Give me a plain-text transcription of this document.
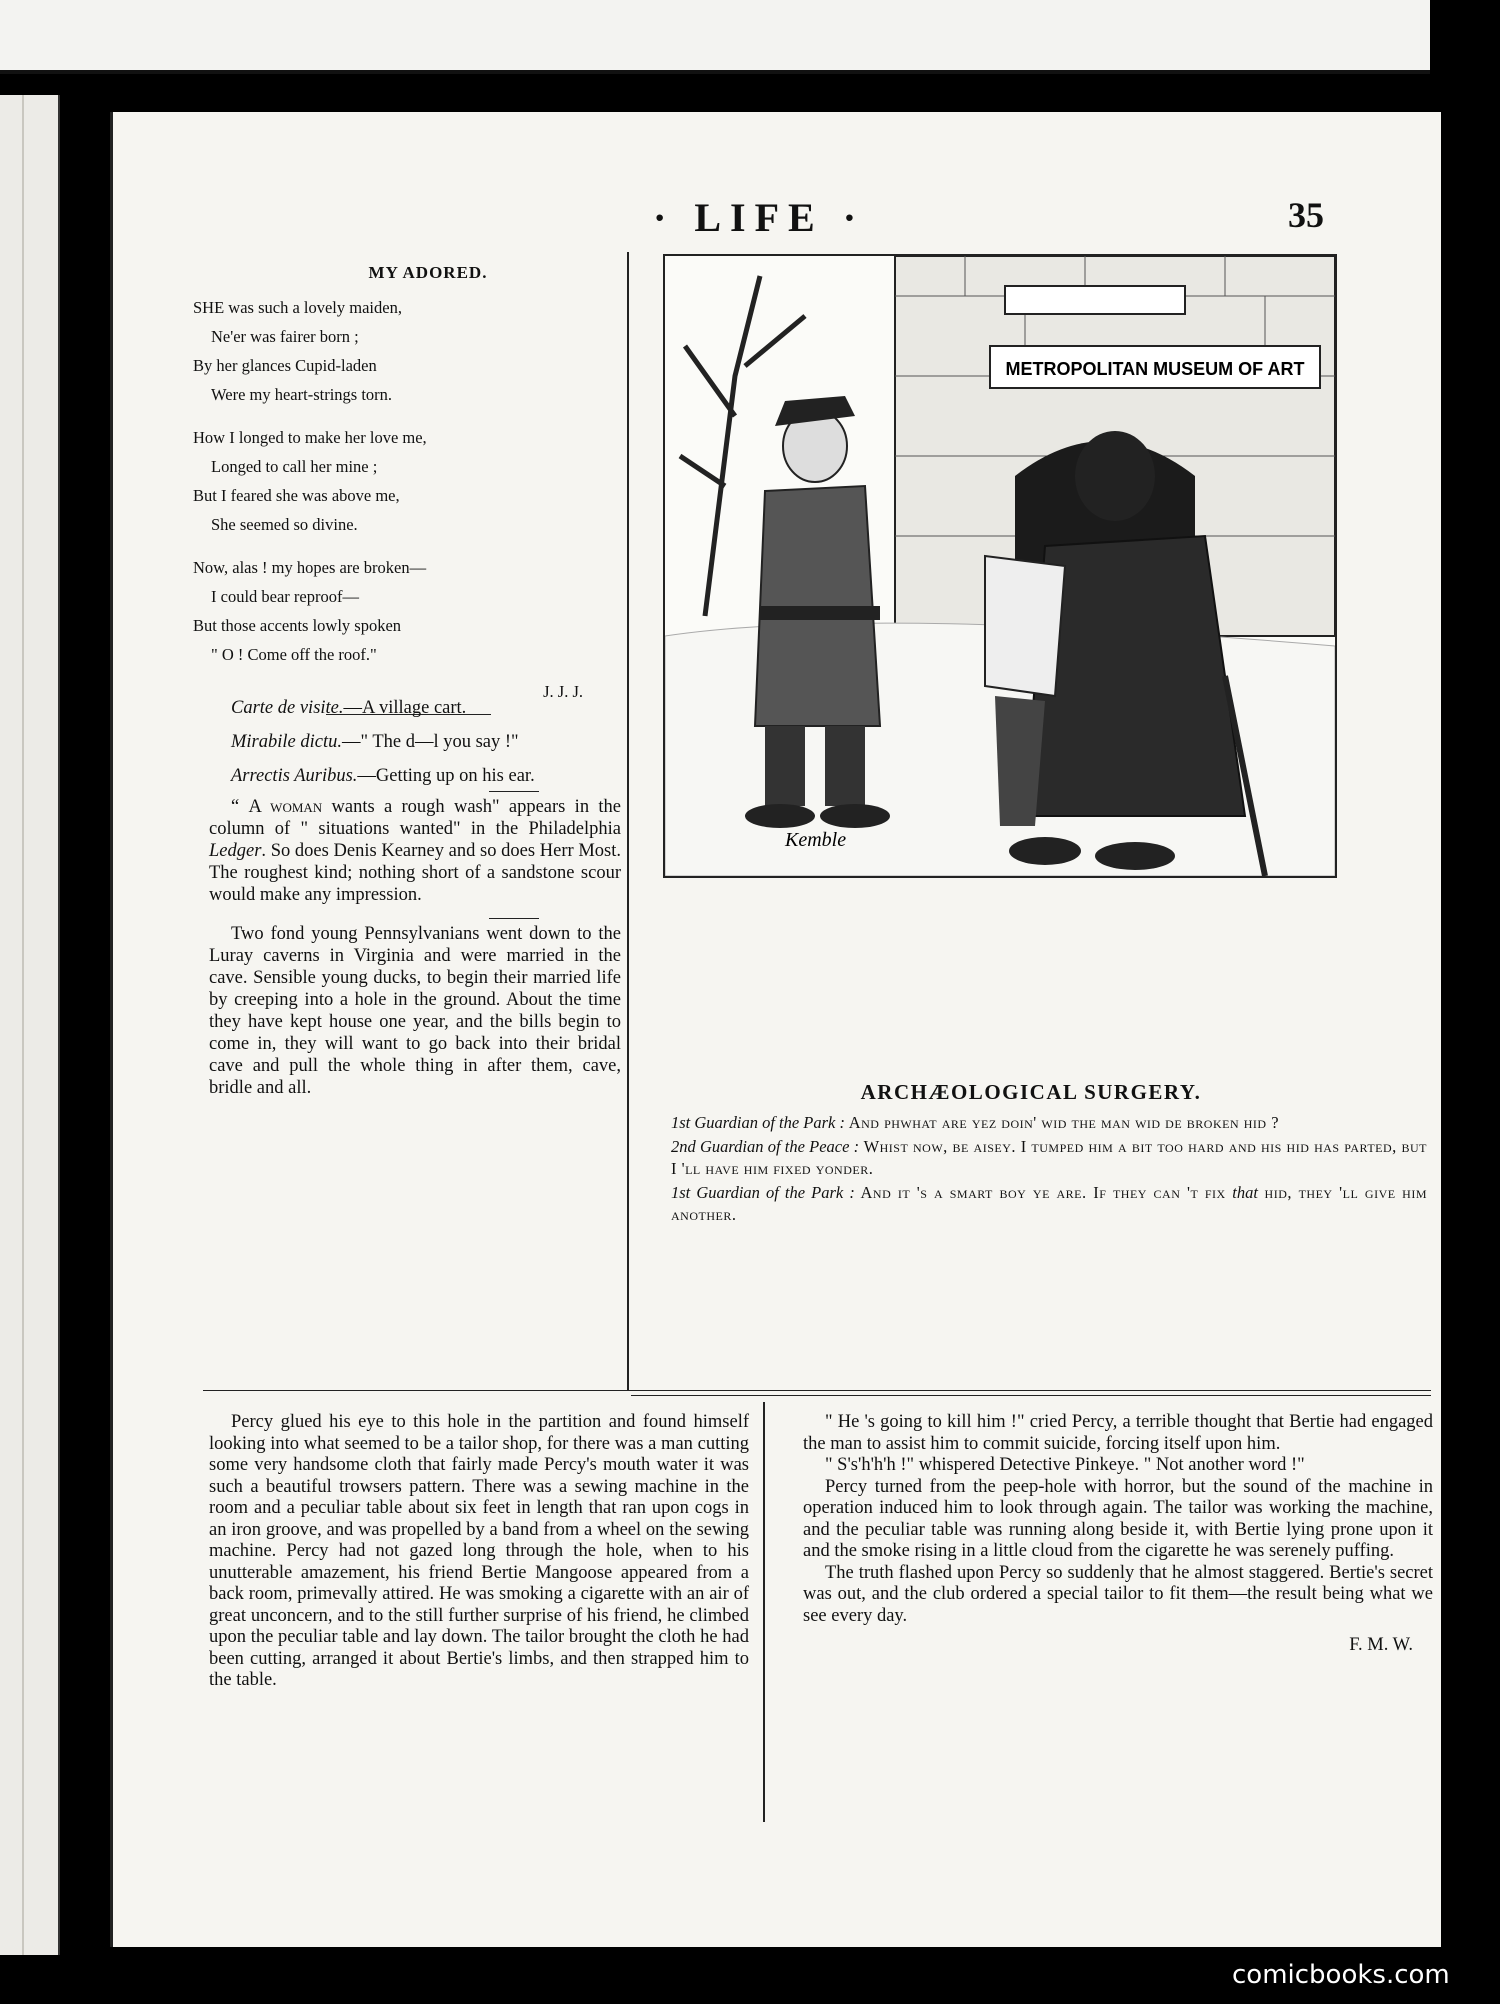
· LIFE ·	35
MY ADORED.
SHE was such a lovely maiden,
Ne'er was fairer born ;
By her glances Cupid-laden
Were my heart-strings torn.
How I longed to make her love me,
Longed to call her mine ;
But I feared she was above me,
She seemed so divine.
Now, alas ! my hopes are broken—
I could bear reproof—
But those accents lowly spoken
" O ! Come off the roof."
J. J. J.

Carte de visite.—A village cart.

Mirabile dictu.—" The d—l you say !"

Arrectis Auribus.—Getting up on his ear.

“ A woman wants a rough wash" appears in the column of " situations wanted" in the Philadelphia Ledger. So does Denis Kearney and so does Herr Most. The roughest kind; nothing short of a sandstone scour would make any impression.

Two fond young Pennsylvanians went down to the Luray caverns in Virginia and were married in the cave. Sensible young ducks, to begin their married life by creeping into a hole in the ground. About the time they have kept house one year, and the bills begin to come in, they will want to go back into their bridal cave and pull the whole thing in after them, cave, bridle and all.

METROPOLITAN MUSEUM OF ART
Kemble
ARCHÆOLOGICAL SURGERY.

1st Guardian of the Park : And phwhat are yez doin' wid the man wid de broken hid ?

2nd Guardian of the Peace : Whist now, be aisey. I tumped him a bit too hard and his hid has parted, but I 'll have him fixed yonder.

1st Guardian of the Park : And it 's a smart boy ye are. If they can 't fix that hid, they 'll give him another.

Percy glued his eye to this hole in the partition and found himself looking into what seemed to be a tailor shop, for there was a man cutting some very handsome cloth that fairly made Percy's mouth water it was such a beautiful trowsers pattern. There was a sewing machine in the room and a peculiar table about six feet in length that ran upon cogs in an iron groove, and was propelled by a band from a wheel on the sewing machine. Percy had not gazed long through the hole, when to his unutterable amazement, his friend Bertie Mangoose appeared from a back room, primevally attired. He was smoking a cigarette with an air of great unconcern, and to the still further surprise of his friend, he climbed upon the peculiar table and lay down. The tailor brought the cloth he had been cutting, arranged it about Bertie's limbs, and then strapped him to the table.

" He 's going to kill him !" cried Percy, a terrible thought that Bertie had engaged the man to assist him to commit suicide, forcing itself upon him.

" S's'h'h'h !" whispered Detective Pinkeye. " Not another word !"

Percy turned from the peep-hole with horror, but the sound of the machine in operation induced him to look through again. The tailor was working the machine, and the peculiar table was running along beside it, with Bertie lying prone upon it and the smoke rising in a little cloud from the cigarette he was serenely puffing.

The truth flashed upon Percy so suddenly that he almost staggered. Bertie's secret was out, and the club ordered a special tailor to fit them—the result being what we see every day.

F. M. W.

comicbooks.com
